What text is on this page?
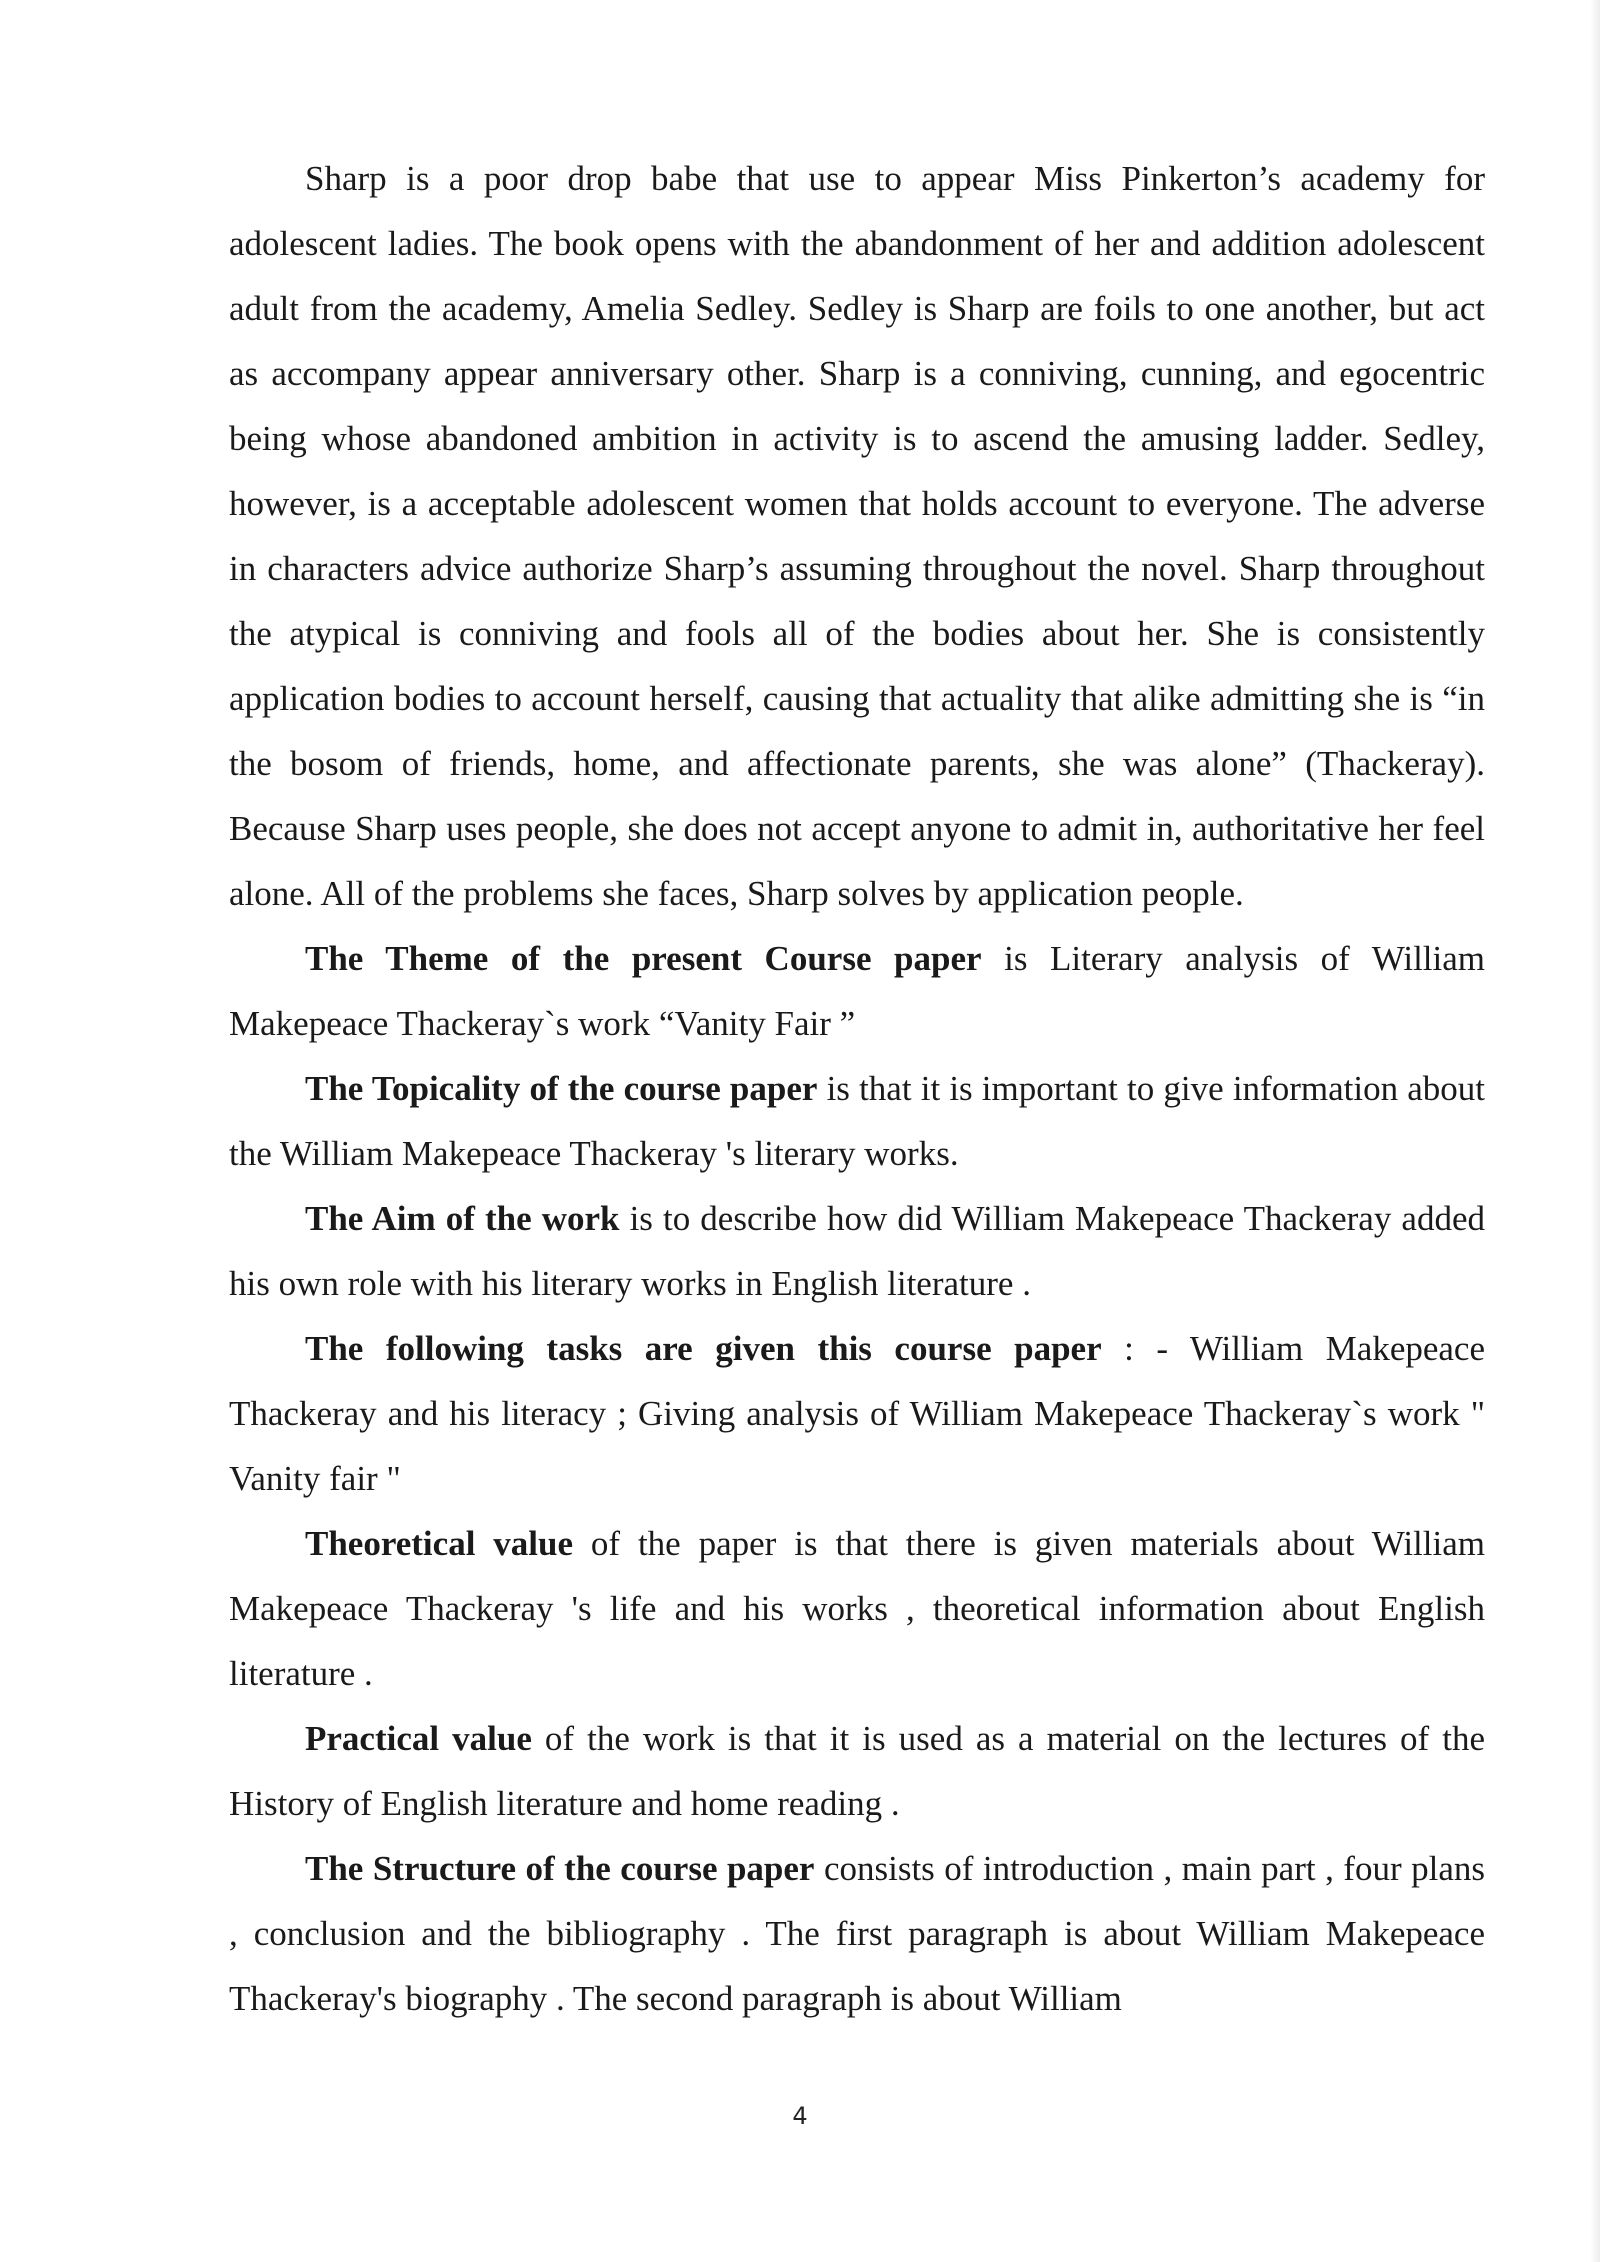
Sharp is a poor drop babe that use to appear Miss Pinkerton’s academy for adolescent ladies. The book opens with the abandonment of her and addition adolescent adult from the academy, Amelia Sedley. Sedley is Sharp are foils to one another, but act as accompany appear anniversary other. Sharp is a conniving, cunning, and egocentric being whose abandoned ambition in activity is to ascend the amusing ladder. Sedley, however, is a acceptable adolescent women that holds account to everyone. The adverse in characters advice authorize Sharp’s assuming throughout the novel. Sharp throughout the atypical is conniving and fools all of the bodies about her. She is consistently application bodies to account herself, causing that actuality that alike admitting she is “in the bosom of friends, home, and affectionate parents, she was alone” (Thackeray). Because Sharp uses people, she does not accept anyone to admit in, authoritative her feel alone. All of the problems she faces, Sharp solves by application people.

The Theme of the present Course paper is Literary analysis of William Makepeace Thackeray`s work “Vanity Fair ”

The Topicality of the course paper is that it is important to give information about the William Makepeace Thackeray 's literary works.

The Aim of the work is to describe how did William Makepeace Thackeray added his own role with his literary works in English literature .

The following tasks are given this course paper : - William Makepeace Thackeray and his literacy ; Giving analysis of William Makepeace Thackeray`s work " Vanity fair "

Theoretical value of the paper is that there is given materials about William Makepeace Thackeray 's life and his works , theoretical information about English literature .

Practical value of the work is that it is used as a material on the lectures of the History of English literature and home reading .

The Structure of the course paper consists of introduction , main part , four plans , conclusion and the bibliography . The first paragraph is about William Makepeace Thackeray's biography . The second paragraph is about William

4
